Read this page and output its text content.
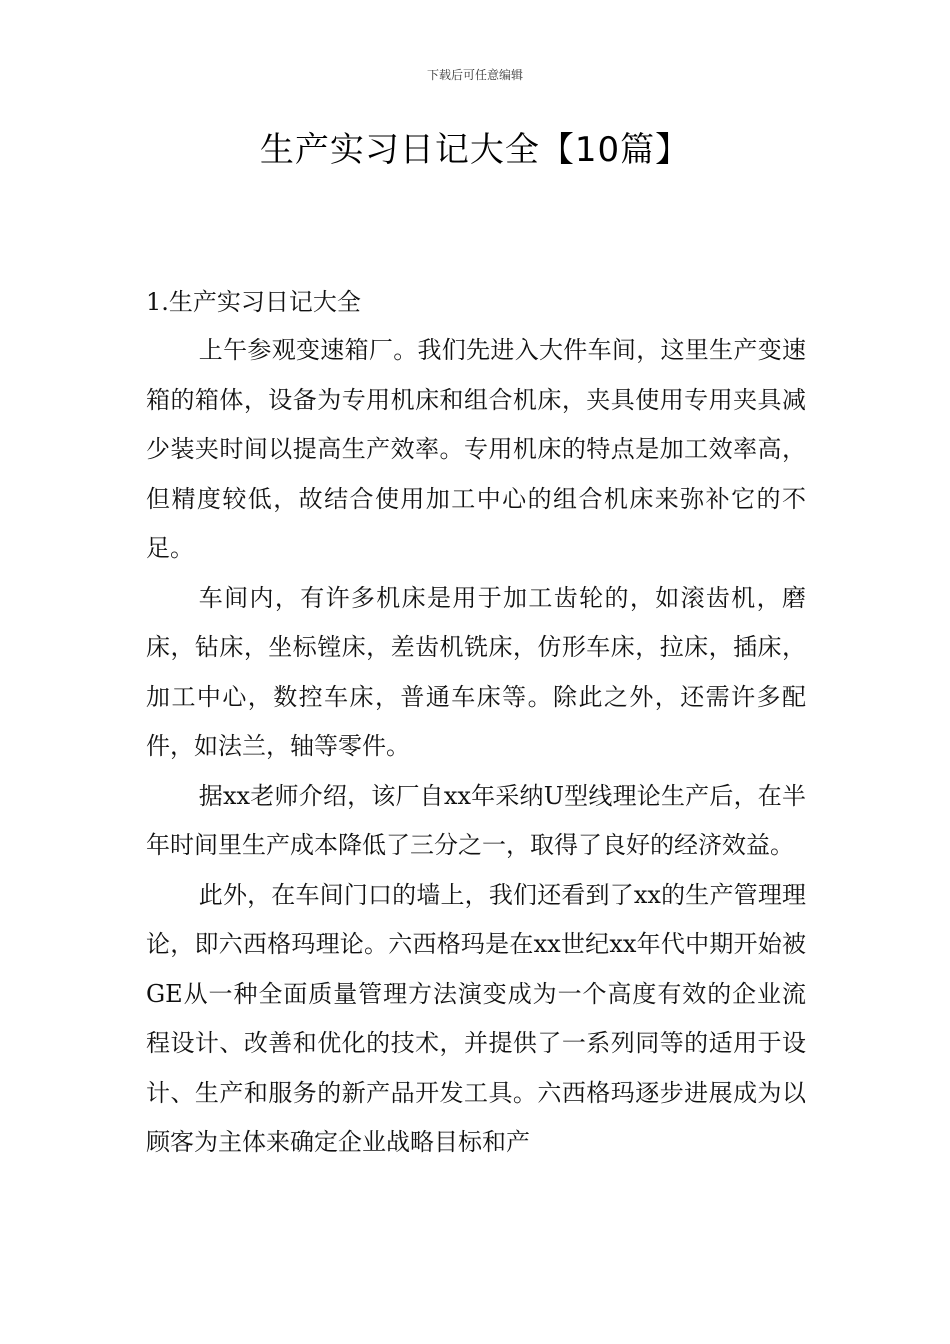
下载后可任意编辑
生产实习日记大全【10篇】
1.生产实习日记大全

上午参观变速箱厂。我们先进入大件车间，这里生产变速箱的箱体，设备为专用机床和组合机床，夹具使用专用夹具减少装夹时间以提高生产效率。专用机床的特点是加工效率高，但精度较低，故结合使用加工中心的组合机床来弥补它的不足。

车间内，有许多机床是用于加工齿轮的，如滚齿机，磨床，钻床，坐标镗床，差齿机铣床，仿形车床，拉床，插床，加工中心，数控车床，普通车床等。除此之外，还需许多配件，如法兰，轴等零件。

据xx老师介绍，该厂自xx年采纳U型线理论生产后，在半年时间里生产成本降低了三分之一，取得了良好的经济效益。

此外，在车间门口的墙上，我们还看到了xx的生产管理理论，即六西格玛理论。六西格玛是在xx世纪xx年代中期开始被GE从一种全面质量管理方法演变成为一个高度有效的企业流程设计、改善和优化的技术，并提供了一系列同等的适用于设计、生产和服务的新产品开发工具。六西格玛逐步进展成为以顾客为主体来确定企业战略目标和产
